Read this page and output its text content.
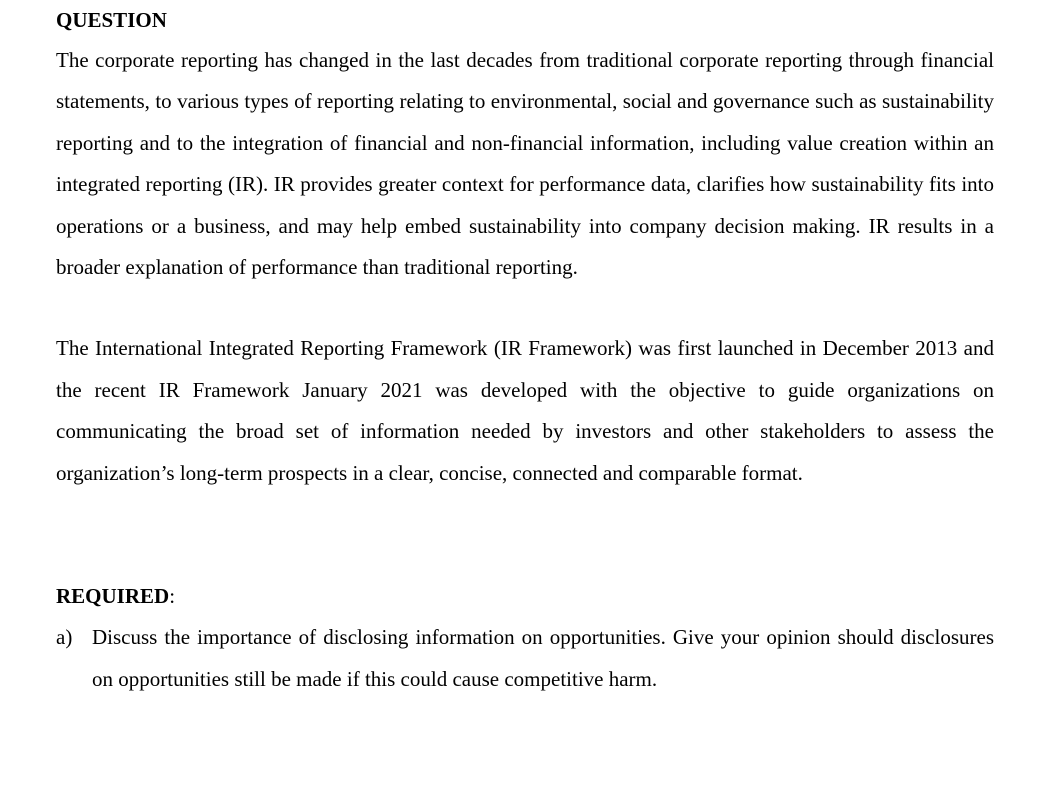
QUESTION

The corporate reporting has changed in the last decades from traditional corporate reporting through financial statements, to various types of reporting relating to environmental, social and governance such as sustainability reporting and to the integration of financial and non-financial information, including value creation within an integrated reporting (IR). IR provides greater context for performance data, clarifies how sustainability fits into operations or a business, and may help embed sustainability into company decision making. IR results in a broader explanation of performance than traditional reporting.

The International Integrated Reporting Framework (IR Framework) was first launched in December 2013 and the recent IR Framework January 2021 was developed with the objective to guide organizations on communicating the broad set of information needed by investors and other stakeholders to assess the organization’s long-term prospects in a clear, concise, connected and comparable format.

REQUIRED:

a) Discuss the importance of disclosing information on opportunities. Give your opinion should disclosures on opportunities still be made if this could cause competitive harm.
